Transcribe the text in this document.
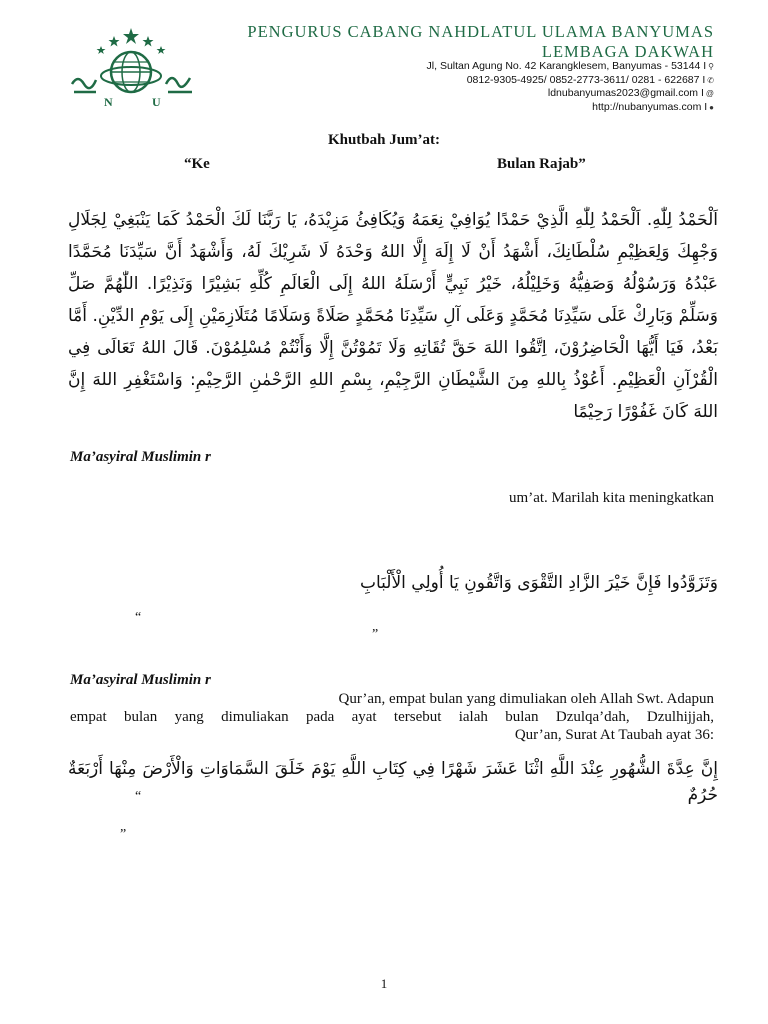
N	U
PENGURUS CABANG NAHDLATUL ULAMA BANYUMAS
LEMBAGA DAKWAH
Jl, Sultan Agung No. 42 Karangklesem, Banyumas - 53144 I ⚲
0812-9305-4925/ 0852-2773-3611/ 0281 - 622687 I ✆
ldnubanyumas2023@gmail.com I @
http://nubanyumas.com I ●
Khutbah Jum’at:
“Ke	Bulan Rajab”
اَلْحَمْدُ لِلّٰهِ. اَلْحَمْدُ لِلّٰهِ الَّذِيْ حَمْدًا يُوَافِيْ نِعَمَهُ وَيُكَافِئُ مَزِيْدَهُ، يَا رَبَّنَا لَكَ الْحَمْدُ كَمَا يَنْبَغِيْ لِجَلَالِ وَجْهِكَ وَلِعَظِيْمِ سُلْطَانِكَ، أَشْهَدُ أَنْ لَا إِلَهَ إِلَّا اللهُ وَحْدَهُ لَا شَرِيْكَ لَهُ، وَأَشْهَدُ أَنَّ سَيِّدَنَا مُحَمَّدًا عَبْدُهُ وَرَسُوْلُهُ وَصَفِيُّهُ وَخَلِيْلُهُ، خَيْرُ نَبِيٍّ أَرْسَلَهُ اللهُ إِلَى الْعَالَمِ كُلِّهِ بَشِيْرًا وَنَذِيْرًا. اللّٰهُمَّ صَلِّ وَسَلِّمْ وَبَارِكْ عَلَى سَيِّدِنَا مُحَمَّدٍ وَعَلَى آلِ سَيِّدِنَا مُحَمَّدٍ صَلَاةً وَسَلَامًا مُتَلَازِمَيْنِ إِلَى يَوْمِ الدِّيْنِ. أَمَّا بَعْدُ، فَيَا أَيُّهَا الْحَاضِرُوْنَ، اِتَّقُوا اللهَ حَقَّ تُقَاتِهِ وَلَا تَمُوْتُنَّ إِلَّا وَأَنْتُمْ مُسْلِمُوْنَ. قَالَ اللهُ تَعَالَى فِي الْقُرْآنِ الْعَظِيْمِ. أَعُوْذُ بِاللهِ مِنَ الشَّيْطَانِ الرَّجِيْمِ، بِسْمِ اللهِ الرَّحْمٰنِ الرَّحِيْمِ: وَاسْتَغْفِرِ اللهَ إِنَّ اللهَ كَانَ غَفُوْرًا رَحِيْمًا
Ma’asyiral Muslimin r
um’at. Marilah kita meningkatkan
وَتَزَوَّدُوا فَإِنَّ خَيْرَ الزَّادِ التَّقْوَى وَاتَّقُونِ يَا أُولِي الْأَلْبَابِ
“
”
Ma’asyiral Muslimin r
Qur’an, empat bulan yang dimuliakan oleh Allah Swt. Adapun
empat bulan yang dimuliakan pada ayat tersebut ialah bulan Dzulqa’dah, Dzulhijjah,
Qur’an, Surat At Taubah ayat 36:
إِنَّ عِدَّةَ الشُّهُورِ عِنْدَ اللَّهِ اثْنَا عَشَرَ شَهْرًا فِي كِتَابِ اللَّهِ يَوْمَ خَلَقَ السَّمَاوَاتِ وَالْأَرْضَ مِنْهَا أَرْبَعَةٌ حُرُمٌ
“
”
1
